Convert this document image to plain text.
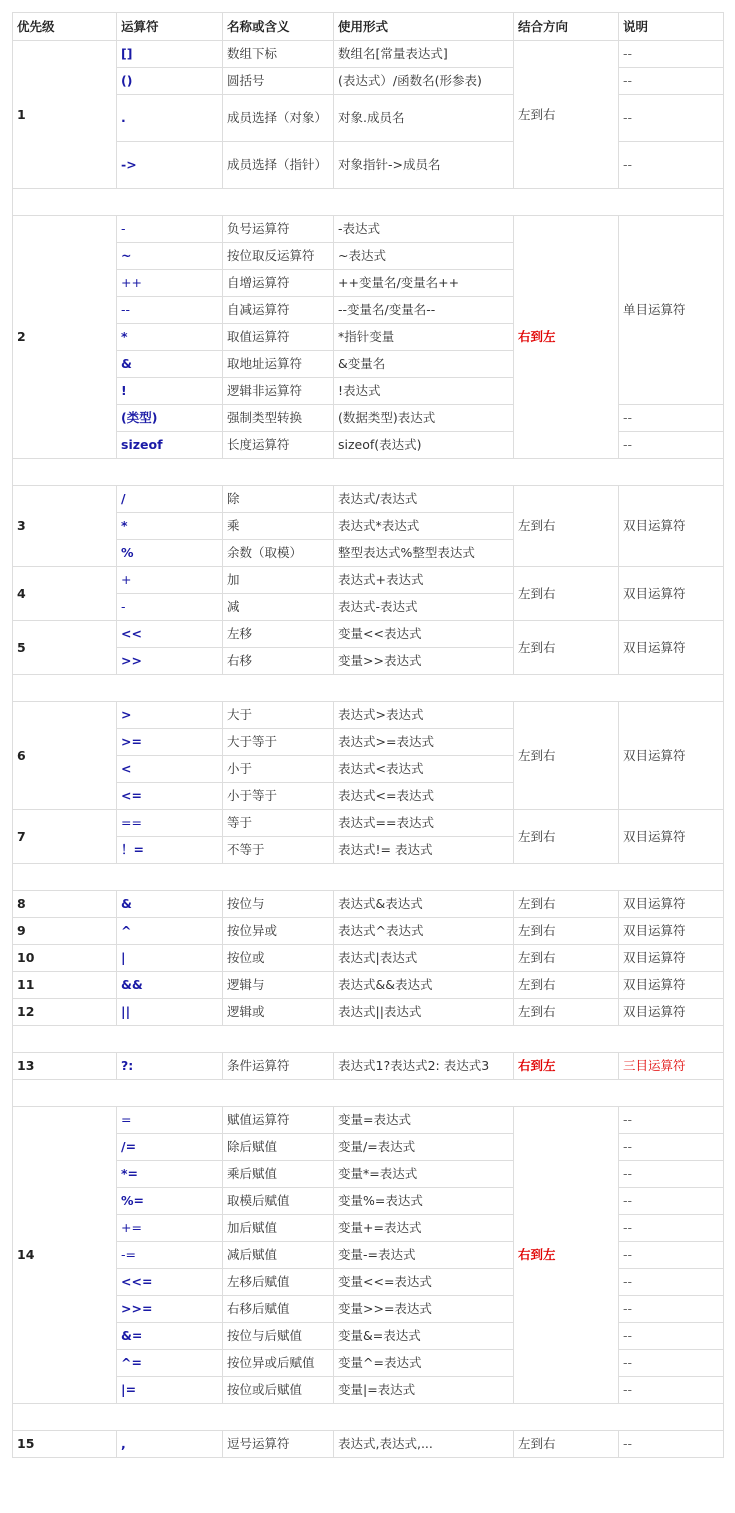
优先级	运算符	名称或含义	使用形式	结合方向	说明
1	[]	数组下标	数组名[常量表达式]	左到右	--
	()	圆括号	(表达式）/函数名(形参表)		--
	.	成员选择（对象）	对象.成员名		--
	->	成员选择（指针）	对象指针->成员名		--

2	-	负号运算符	-表达式	右到左	单目运算符
	~	按位取反运算符	~表达式		
	++	自增运算符	++变量名/变量名++		
	--	自减运算符	--变量名/变量名--		
	*	取值运算符	*指针变量		
	&	取地址运算符	&变量名		
	!	逻辑非运算符	!表达式		
	(类型)	强制类型转换	(数据类型)表达式		--
	sizeof	长度运算符	sizeof(表达式)		--

3	/	除	表达式/表达式	左到右	双目运算符
	*	乘	表达式*表达式		
	%	余数（取模）	整型表达式%整型表达式		
4	+	加	表达式+表达式	左到右	双目运算符
	-	减	表达式-表达式		
5	<<	左移	变量<<表达式	左到右	双目运算符
	>>	右移	变量>>表达式		

6	>	大于	表达式>表达式	左到右	双目运算符
	>=	大于等于	表达式>=表达式		
	<	小于	表达式<表达式		
	<=	小于等于	表达式<=表达式		
7	==	等于	表达式==表达式	左到右	双目运算符
	！=	不等于	表达式!= 表达式		

8	&	按位与	表达式&表达式	左到右	双目运算符
9	^	按位异或	表达式^表达式	左到右	双目运算符
10	|	按位或	表达式|表达式	左到右	双目运算符
11	&&	逻辑与	表达式&&表达式	左到右	双目运算符
12	||	逻辑或	表达式||表达式	左到右	双目运算符

13	?:	条件运算符	表达式1?表达式2: 表达式3	右到左	三目运算符

14	=	赋值运算符	变量=表达式	右到左	--
	/=	除后赋值	变量/=表达式		--
	*=	乘后赋值	变量*=表达式		--
	%=	取模后赋值	变量%=表达式		--
	+=	加后赋值	变量+=表达式		--
	-=	减后赋值	变量-=表达式		--
	<<=	左移后赋值	变量<<=表达式		--
	>>=	右移后赋值	变量>>=表达式		--
	&=	按位与后赋值	变量&=表达式		--
	^=	按位异或后赋值	变量^=表达式		--
	|=	按位或后赋值	变量|=表达式		--

15	,	逗号运算符	表达式,表达式,...	左到右	--
